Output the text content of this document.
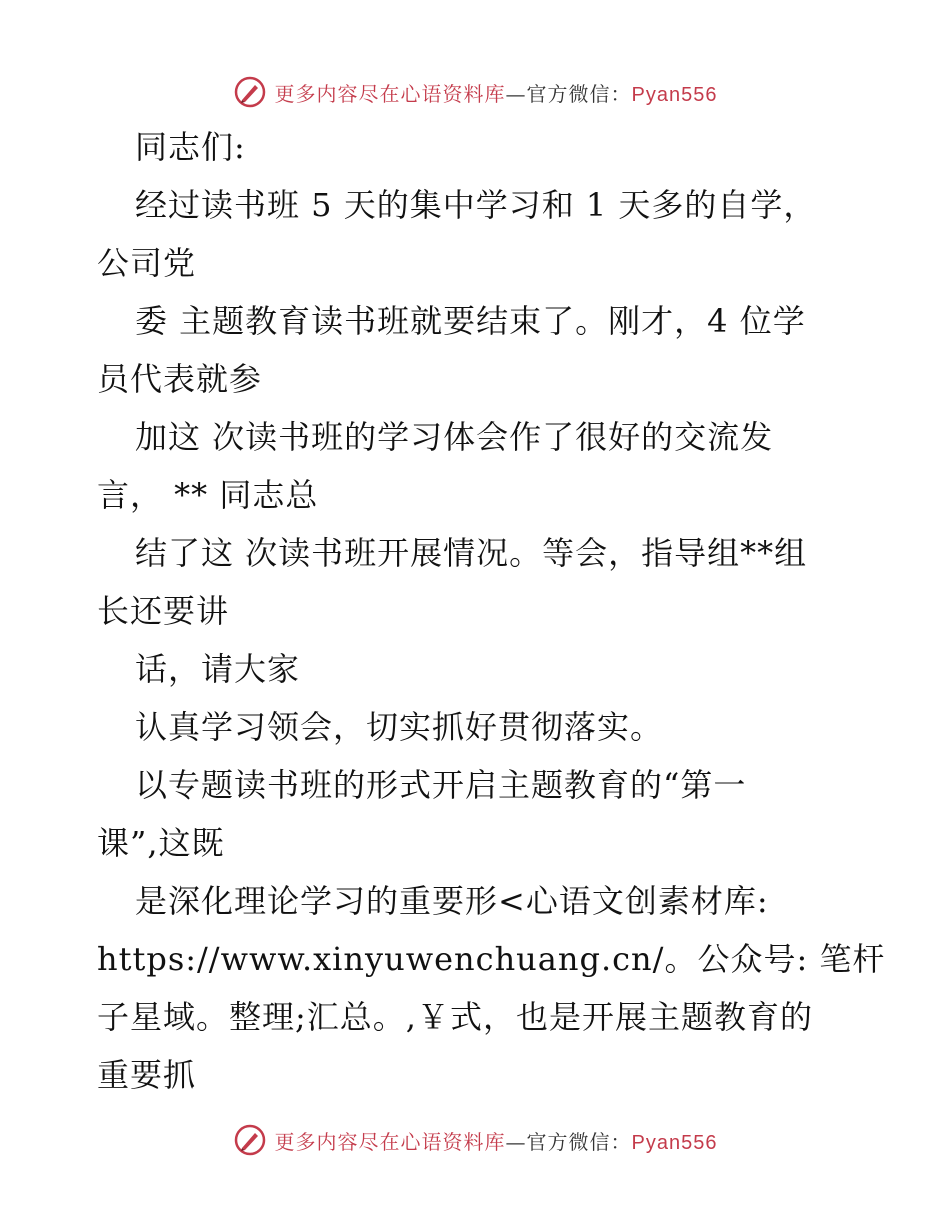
更多内容尽在心语资料库—官方微信：Pyan556
同志们:
经过读书班 5 天的集中学习和 1 天多的自学，
公司党
委 主题教育读书班就要结束了。刚才，4 位学
员代表就参
加这 次读书班的学习体会作了很好的交流发
言， ** 同志总
结了这 次读书班开展情况。等会，指导组**组
长还要讲
话，请大家
认真学习领会，切实抓好贯彻落实。
以专题读书班的形式开启主题教育的“第一
课”,这既
是深化理论学习的重要形<心语文创素材库:
https://www.xinyuwenchuang.cn/。公众号: 笔杆
子星域。整理;汇总。,￥式，也是开展主题教育的
重要抓
更多内容尽在心语资料库—官方微信：Pyan556
